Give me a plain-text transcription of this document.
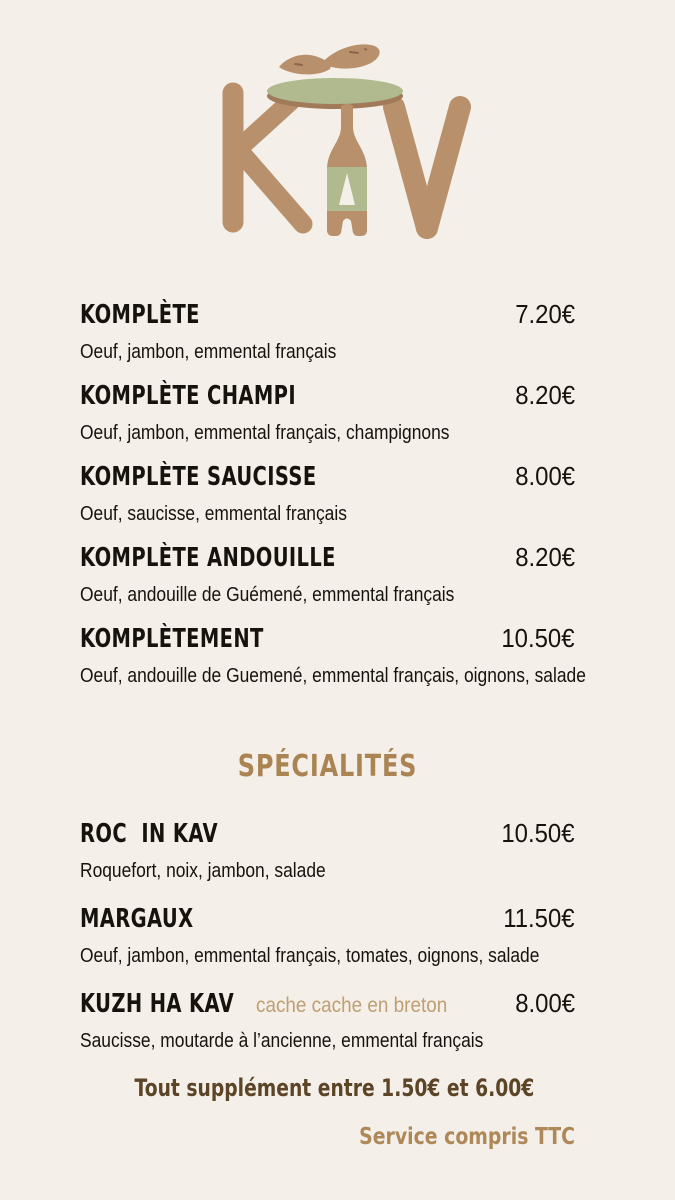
KOMPLÈTE	7.20€
Oeuf, jambon, emmental français
KOMPLÈTE CHAMPI	8.20€
Oeuf, jambon, emmental français, champignons
KOMPLÈTE SAUCISSE	8.00€
Oeuf, saucisse, emmental français
KOMPLÈTE ANDOUILLE	8.20€
Oeuf, andouille de Guémené, emmental français
KOMPLÈTEMENT	10.50€
Oeuf, andouille de Guemené, emmental français, oignons, salade
SPÉCIALITÉS
ROC  IN KAV	10.50€
Roquefort, noix, jambon, salade
MARGAUX	11.50€
Oeuf, jambon, emmental français, tomates, oignons, salade
KUZH HA KAV cache cache en breton	8.00€
Saucisse, moutarde à l’ancienne, emmental français
Tout supplément entre 1.50€ et 6.00€
Service compris TTC
